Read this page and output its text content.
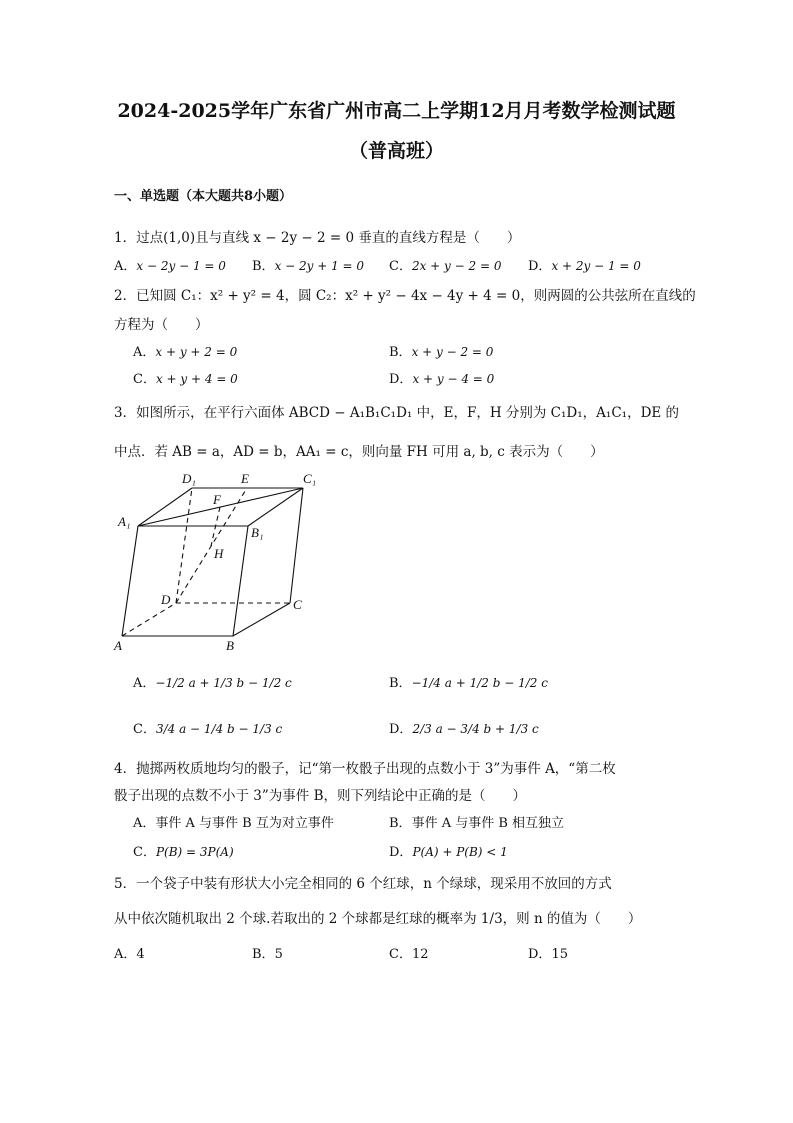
2024-2025学年广东省广州市高二上学期12月月考数学检测试题
（普高班）
一、单选题（本大题共8小题）
1．过点(1,0)且与直线 x − 2y − 2 = 0 垂直的直线方程是（　　）
A．x − 2y − 1 = 0 B．x − 2y + 1 = 0 C．2x + y − 2 = 0 D．x + 2y − 1 = 0
2．已知圆 C₁：x² + y² = 4，圆 C₂：x² + y² − 4x − 4y + 4 = 0，则两圆的公共弦所在直线的
方程为（　　）
A．x + y + 2 = 0	B．x + y − 2 = 0
C．x + y + 4 = 0	D．x + y − 4 = 0
3．如图所示，在平行六面体 ABCD − A₁B₁C₁D₁ 中，E，F，H 分别为 C₁D₁，A₁C₁，DE 的
中点．若 AB = a，AD = b，AA₁ = c，则向量 FH 可用 a, b, c 表示为（　　）
D₁	E	C₁
F
A₁
B₁
H
D	C
A	B
A．−1/2 a + 1/3 b − 1/2 c	B．−1/4 a + 1/2 b − 1/2 c
C．3/4 a − 1/4 b − 1/3 c	D．2/3 a − 3/4 b + 1/3 c
4．抛掷两枚质地均匀的骰子，记“第一枚骰子出现的点数小于 3”为事件 A，“第二枚
骰子出现的点数不小于 3”为事件 B，则下列结论中正确的是（　　）
A．事件 A 与事件 B 互为对立事件	B．事件 A 与事件 B 相互独立
C．P(B) = 3P(A)	D．P(A) + P(B) < 1
5．一个袋子中装有形状大小完全相同的 6 个红球，n 个绿球，现采用不放回的方式
从中依次随机取出 2 个球.若取出的 2 个球都是红球的概率为 1/3，则 n 的值为（　　）
A．4	B．5	C．12	D．15
